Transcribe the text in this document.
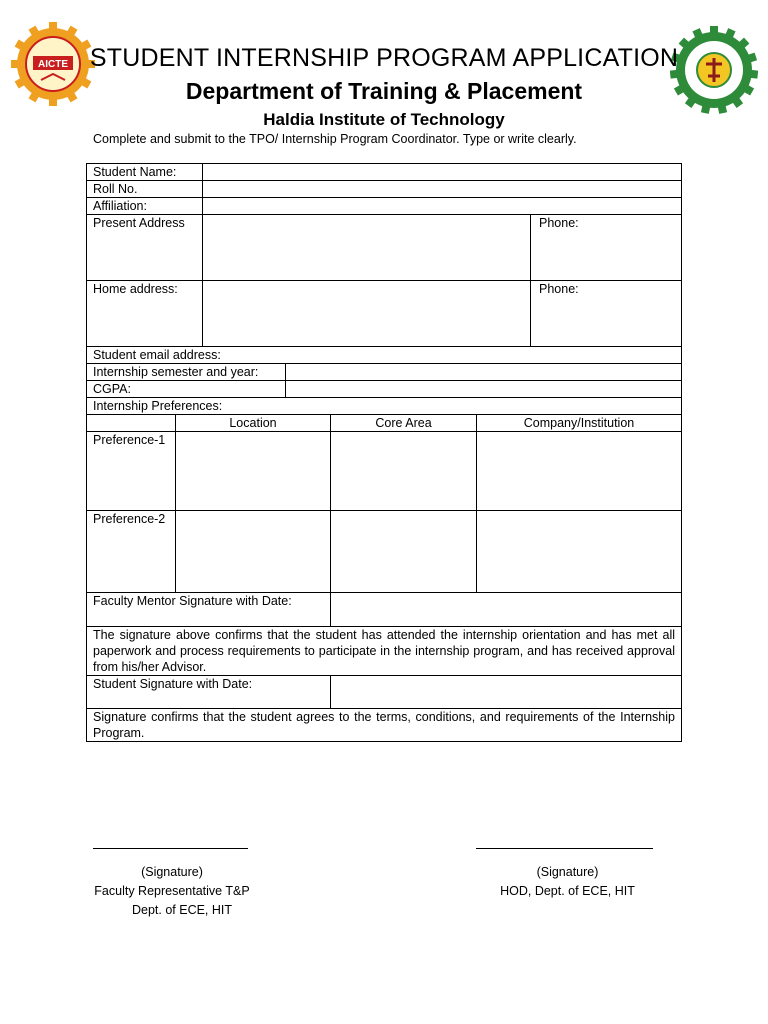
AICTE STUDENT INTERNSHIP PROGRAM APPLICATION
Department of Training & Placement
Haldia Institute of Technology
Complete and submit to the TPO/ Internship Program Coordinator. Type or write clearly.
Student Name:
Roll No.
Affiliation:
Present Address	Phone:
Home address:	Phone:
Student email address:
Internship semester and year:
CGPA:
Internship Preferences:
Location	Core Area	Company/Institution
Preference-1
Preference-2
Faculty Mentor Signature with Date:
The signature above confirms that the student has attended the internship orientation and has met all paperwork and process requirements to participate in the internship program, and has received approval from his/her Advisor.
Student Signature with Date:
Signature confirms that the student agrees to the terms, conditions, and requirements of the Internship Program.
(Signature)
Faculty Representative T&P
Dept. of ECE, HIT
(Signature)
HOD, Dept. of ECE, HIT
